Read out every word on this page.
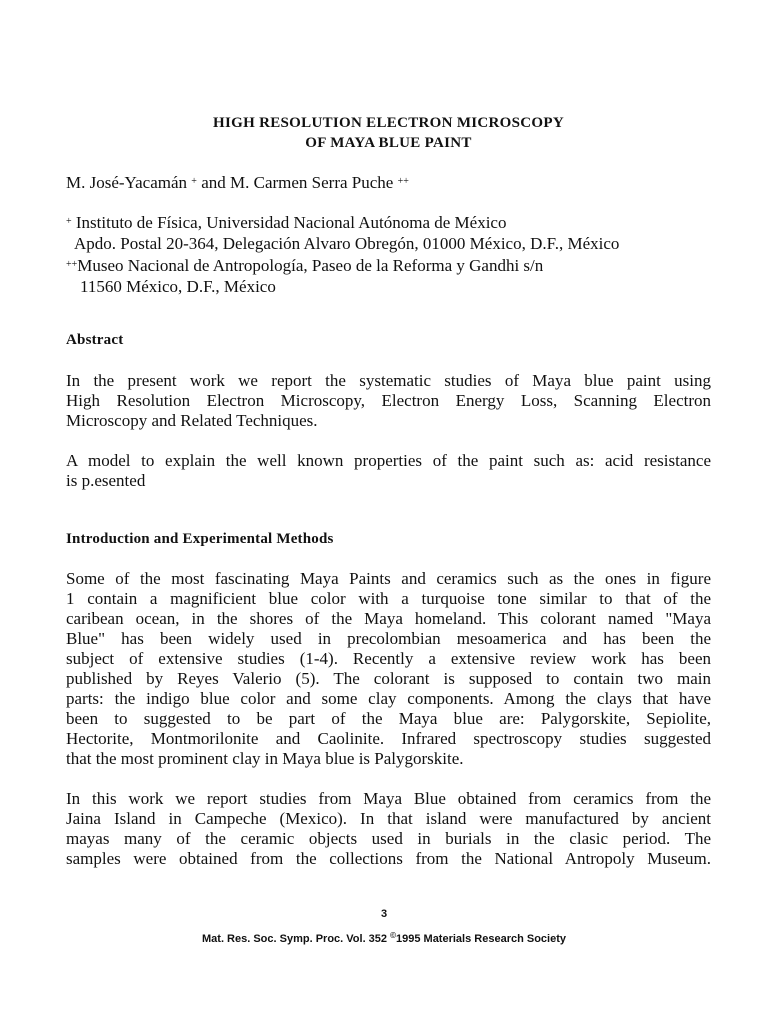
HIGH RESOLUTION ELECTRON MICROSCOPY
OF MAYA BLUE PAINT
M. José-Yacamán + and M. Carmen Serra Puche ++
+ Instituto de Física, Universidad Nacional Autónoma de México
Apdo. Postal 20-364, Delegación Alvaro Obregón, 01000 México, D.F., México
++Museo Nacional de Antropología, Paseo de la Reforma y Gandhi s/n
11560 México, D.F., México
Abstract
In the present work we report the systematic studies of Maya blue paint using
High Resolution Electron Microscopy, Electron Energy Loss, Scanning Electron
Microscopy and Related Techniques.
A model to explain the well known properties of the paint such as: acid resistance
is p.esented
Introduction and Experimental Methods
Some of the most fascinating Maya Paints and ceramics such as the ones in figure
1 contain a magnificient blue color with a turquoise tone similar to that of the
caribean ocean, in the shores of the Maya homeland. This colorant named "Maya
Blue" has been widely used in precolombian mesoamerica and has been the
subject of extensive studies (1-4). Recently a extensive review work has been
published by Reyes Valerio (5). The colorant is supposed to contain two main
parts: the indigo blue color and some clay components. Among the clays that have
been to suggested to be part of the Maya blue are: Palygorskite, Sepiolite,
Hectorite, Montmorilonite and Caolinite. Infrared spectroscopy studies suggested
that the most prominent clay in Maya blue is Palygorskite.
In this work we report studies from Maya Blue obtained from ceramics from the
Jaina Island in Campeche (Mexico). In that island were manufactured by ancient
mayas many of the ceramic objects used in burials in the clasic period. The
samples were obtained from the collections from the National Antropoly Museum.
3
Mat. Res. Soc. Symp. Proc. Vol. 352 ©1995 Materials Research Society
